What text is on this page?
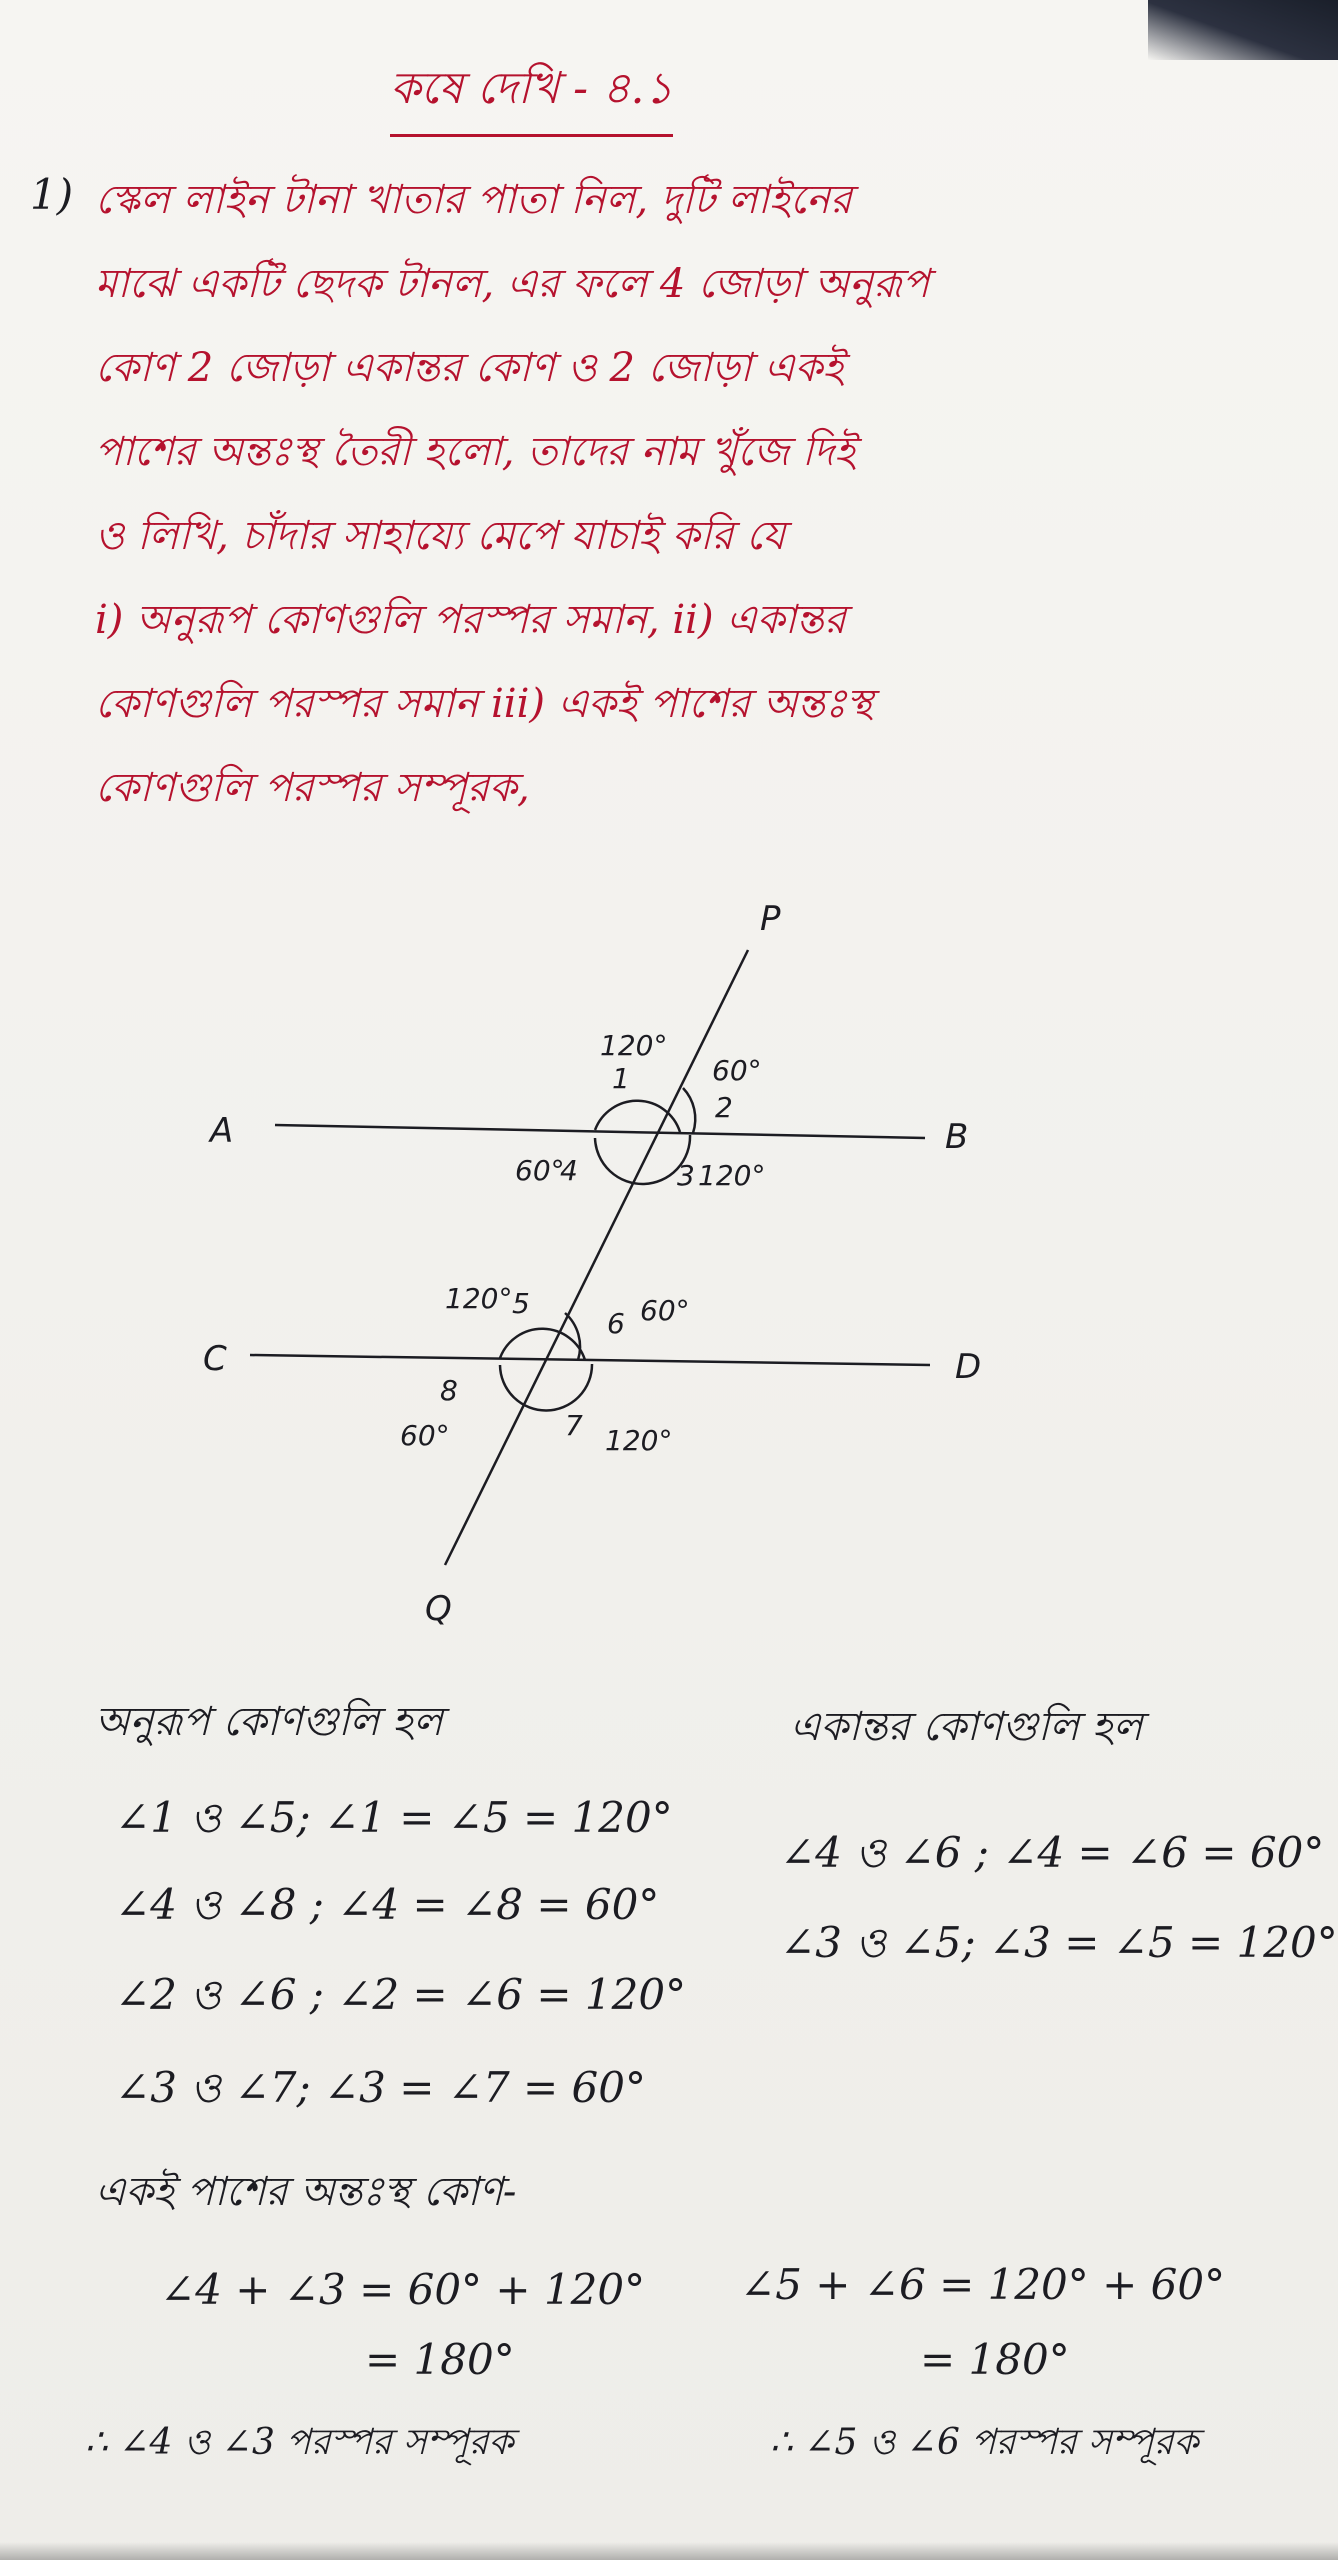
কষে দেখি - ৪.১
1) স্কেল লাইন টানা খাতার পাতা নিল, দুটি লাইনের
মাঝে একটি ছেদক টানল, এর ফলে 4 জোড়া অনুরূপ
কোণ 2 জোড়া একান্তর কোণ ও 2 জোড়া একই
পাশের অন্তঃস্থ তৈরী হলো, তাদের নাম খুঁজে দিই
ও লিখি, চাঁদার সাহায্যে মেপে যাচাই করি যে
i) অনুরূপ কোণগুলি পরস্পর সমান, ii) একান্তর
কোণগুলি পরস্পর সমান iii) একই পাশের অন্তঃস্থ
কোণগুলি পরস্পর সম্পূরক,
P
Q
A	B
C	D
120°
1	60°
2
3 120°
60°
4
120° 5
6 60°
8
60°	7 120°
অনুরূপ কোণগুলি হল
∠1 ও ∠5; ∠1 = ∠5 = 120°
∠4 ও ∠8 ; ∠4 = ∠8 = 60°
∠2 ও ∠6 ; ∠2 = ∠6 = 120°
∠3 ও ∠7; ∠3 = ∠7 = 60°
একান্তর কোণগুলি হল
∠4 ও ∠6 ; ∠4 = ∠6 = 60°
∠3 ও ∠5; ∠3 = ∠5 = 120°
একই পাশের অন্তঃস্থ কোণ-
∠4 + ∠3 = 60° + 120°
= 180°
∴ ∠4 ও ∠3 পরস্পর সম্পূরক
∠5 + ∠6 = 120° + 60°
= 180°
∴ ∠5 ও ∠6 পরস্পর সম্পূরক
